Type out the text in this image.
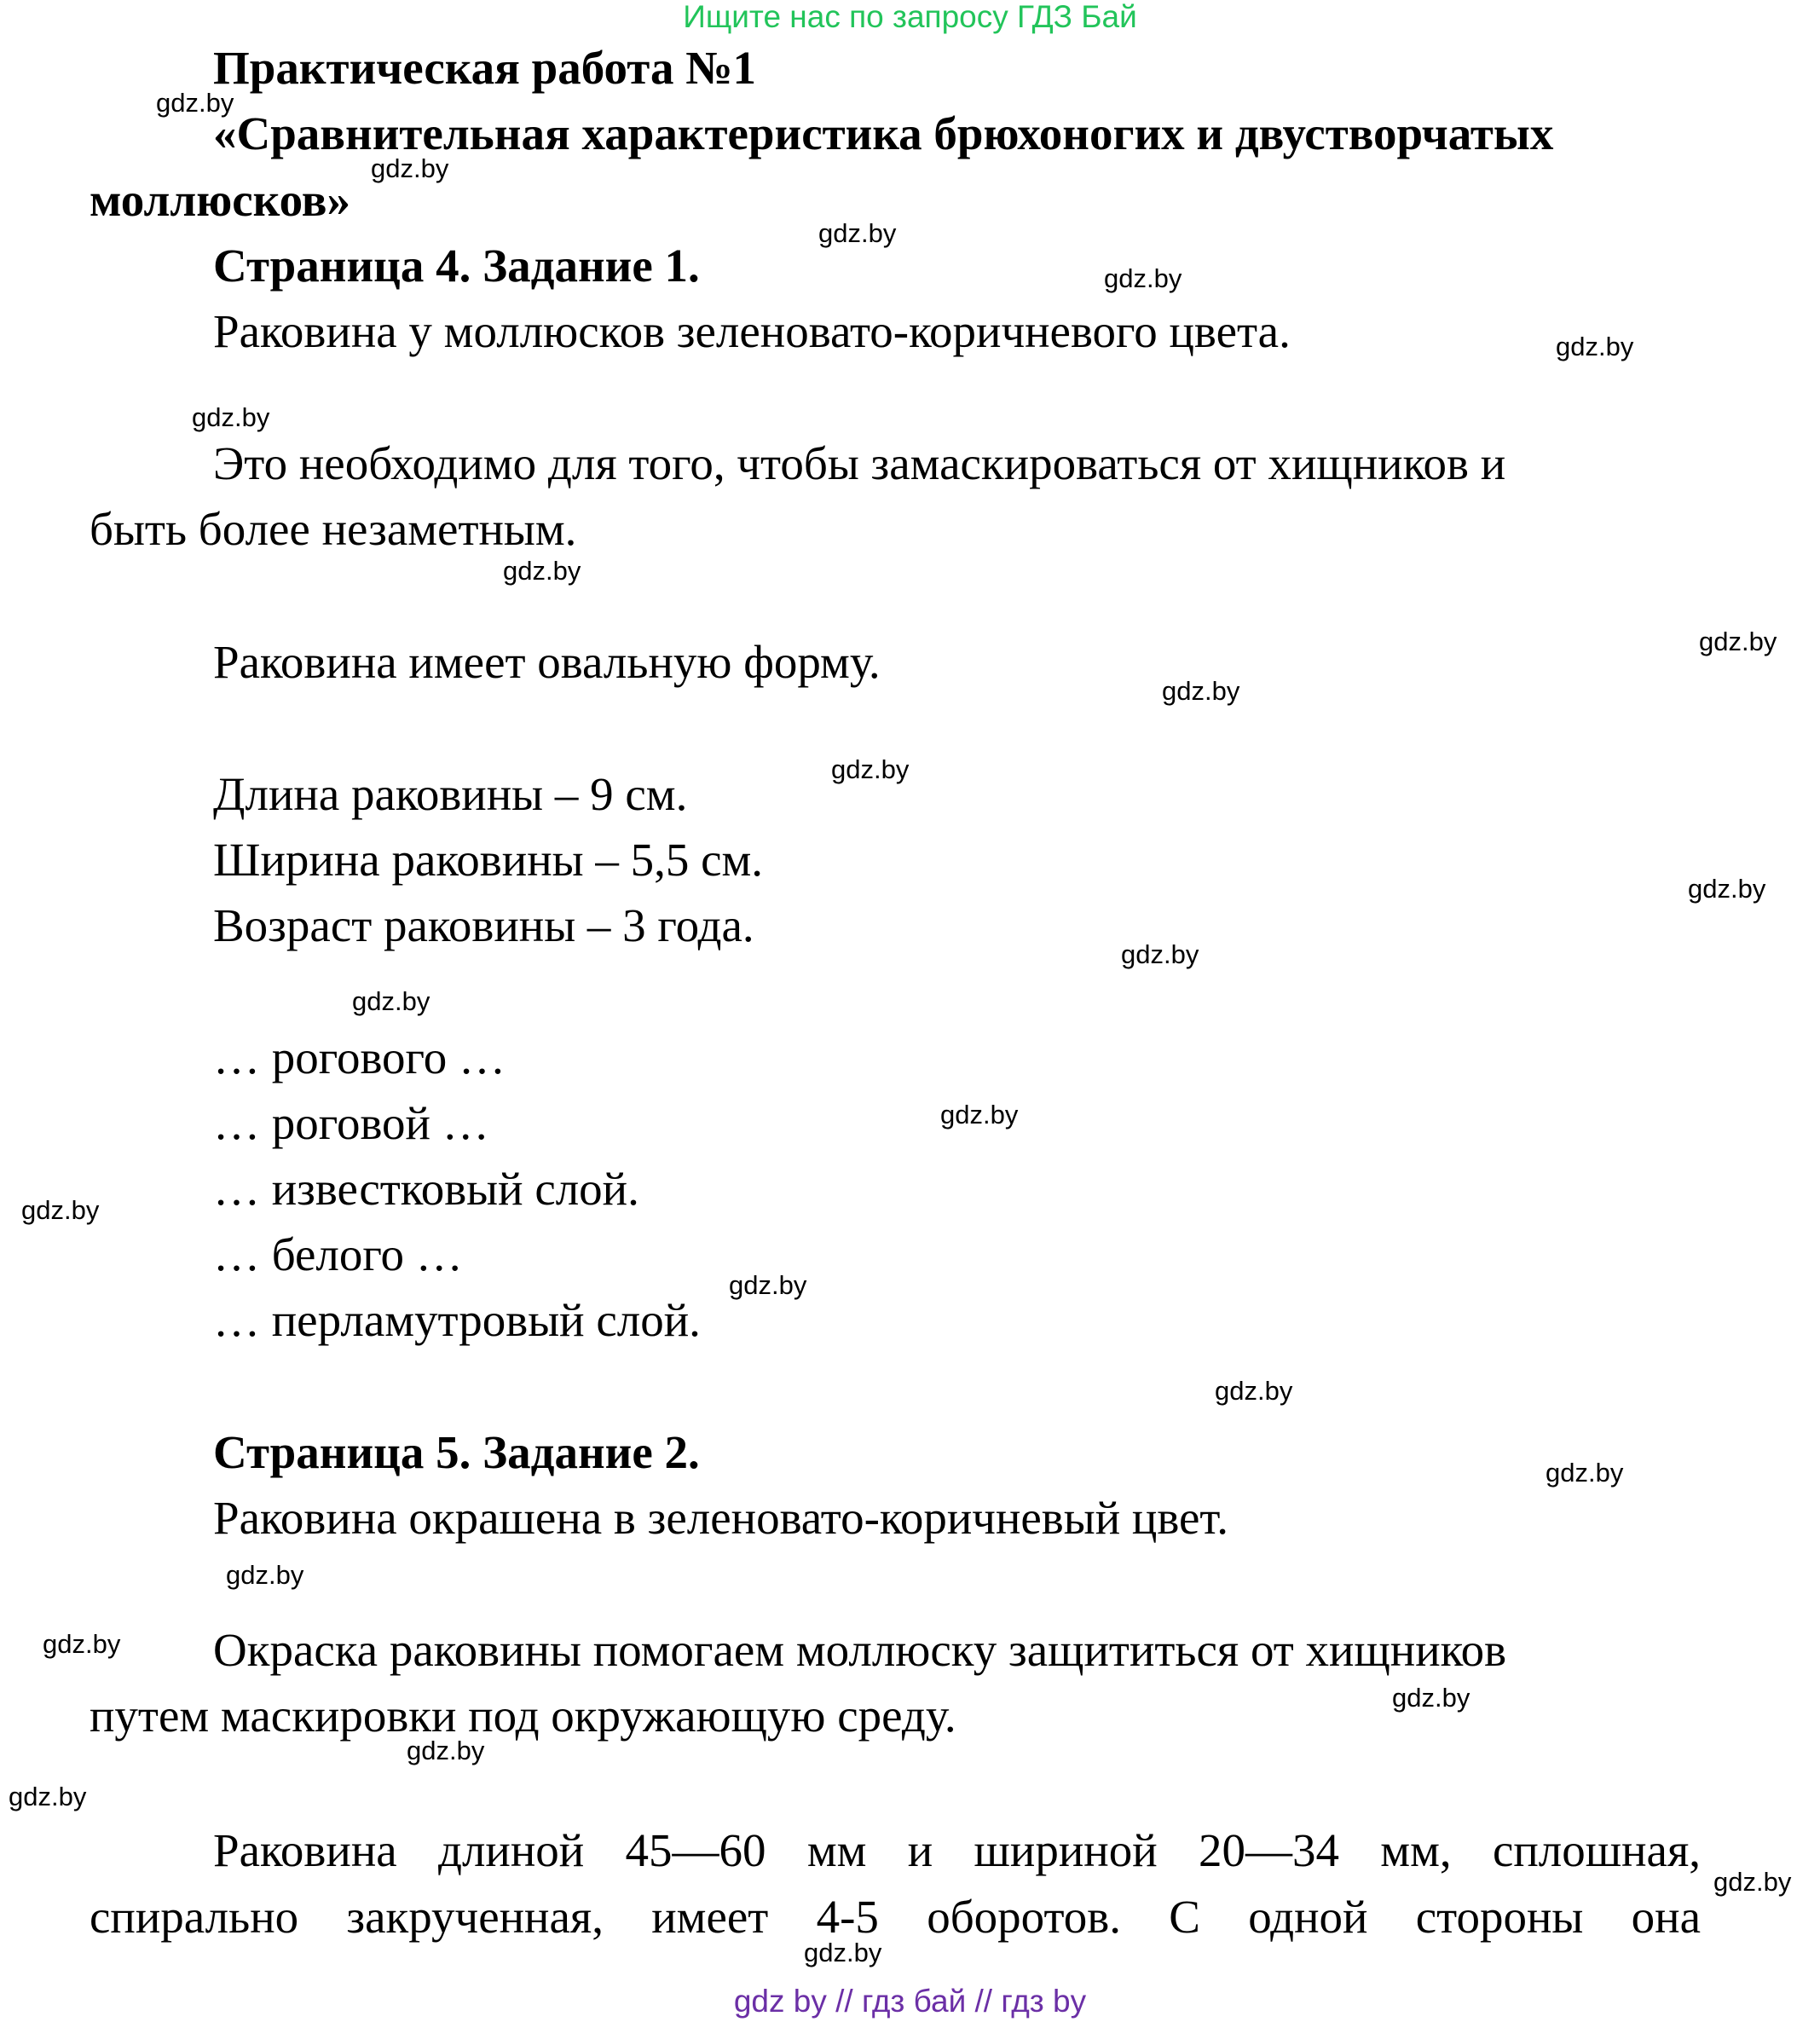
Ищите нас по запросу ГДЗ Бай
Практическая работа №1
«Сравнительная характеристика брюхоногих и двустворчатых
моллюсков»
Страница 4. Задание 1.
Раковина у моллюсков зеленовато-коричневого цвета.
Это необходимо для того, чтобы замаскироваться от хищников и
быть более незаметным.
Раковина имеет овальную форму.
Длина раковины – 9 см.
Ширина раковины – 5,5 см.
Возраст раковины – 3 года.
… рогового …
… роговой …
… известковый слой.
… белого …
… перламутровый слой.
Страница 5. Задание 2.
Раковина окрашена в зеленовато-коричневый цвет.
Окраска раковины помогаем моллюску защититься от хищников
путем маскировки под окружающую среду.
Раковина длиной 45—60 мм и шириной 20—34 мм, сплошная,
спирально закрученная, имеет 4-5 оборотов. С одной стороны она
gdz.by
gdz.by
gdz.by
gdz.by
gdz.by
gdz.by
gdz.by
gdz.by
gdz.by
gdz.by
gdz.by
gdz.by
gdz.by
gdz.by
gdz.by
gdz.by
gdz.by
gdz.by
gdz.by
gdz.by
gdz.by
gdz.by
gdz.by
gdz.by
gdz.by
gdz by // гдз бай // гдз by
